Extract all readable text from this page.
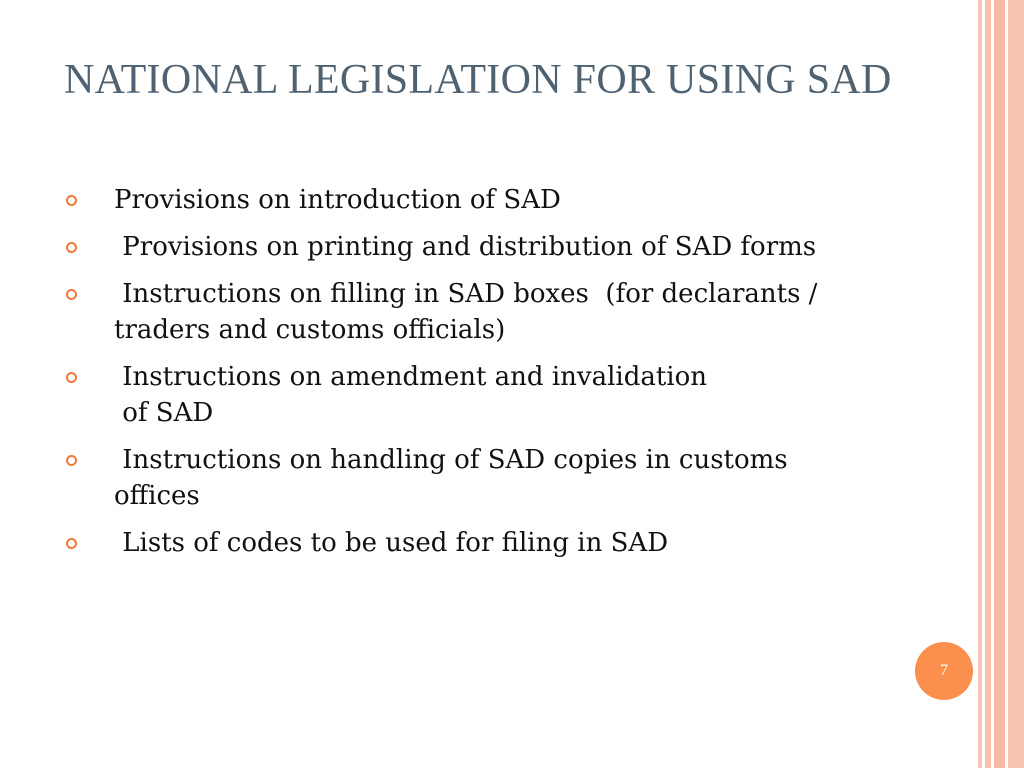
NATIONAL LEGISLATION FOR USING SAD
Provisions on introduction of SAD
Provisions on printing and distribution of SAD forms
Instructions on filling in SAD boxes  (for declarants / traders and customs officials)
Instructions on amendment and invalidation
of SAD
Instructions on handling of SAD copies in customs offices
Lists of codes to be used for filing in SAD
7
